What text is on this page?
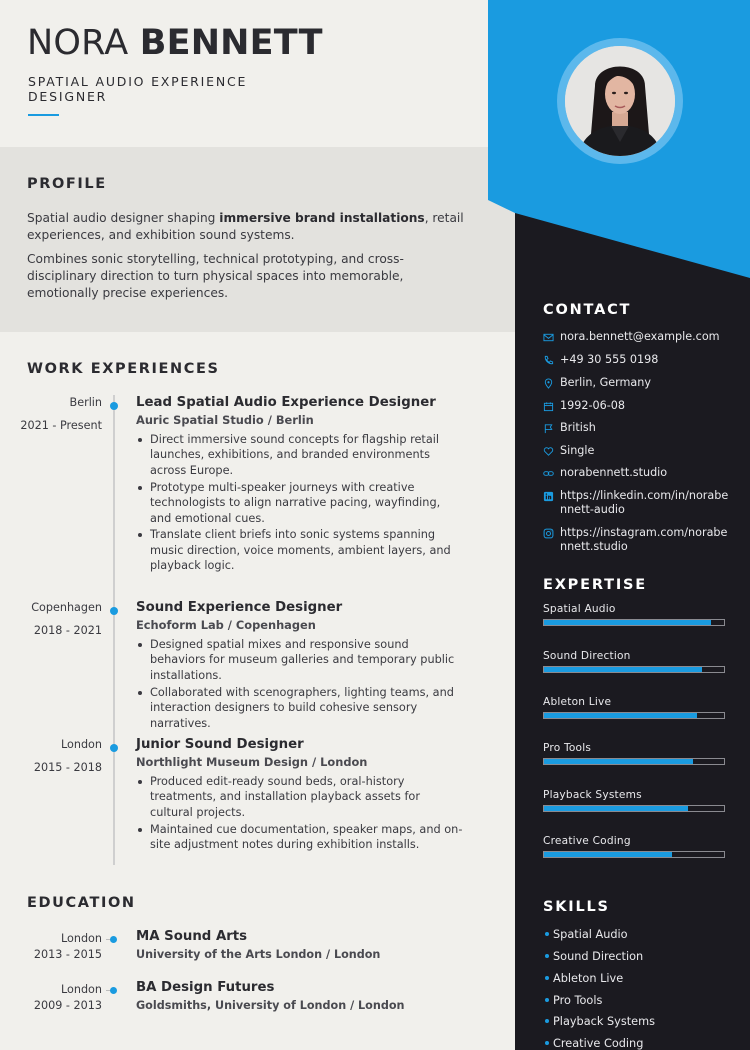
NORA BENNETT
SPATIAL AUDIO EXPERIENCE DESIGNER
PROFILE

Spatial audio designer shaping immersive brand installations, retail experiences, and exhibition sound systems.

Combines sonic storytelling, technical prototyping, and cross-disciplinary direction to turn physical spaces into memorable, emotionally precise experiences.

WORK EXPERIENCES
Berlin
2021 - Present
Lead Spatial Audio Experience Designer
Auric Spatial Studio / Berlin
Direct immersive sound concepts for flagship retail launches, exhibitions, and branded environments across Europe.
Prototype multi-speaker journeys with creative technologists to align narrative pacing, wayfinding, and emotional cues.
Translate client briefs into sonic systems spanning music direction, voice moments, ambient layers, and playback logic.
Copenhagen
2018 - 2021
Sound Experience Designer
Echoform Lab / Copenhagen
Designed spatial mixes and responsive sound behaviors for museum galleries and temporary public installations.
Collaborated with scenographers, lighting teams, and interaction designers to build cohesive sensory narratives.
London
2015 - 2018
Junior Sound Designer
Northlight Museum Design / London
Produced edit-ready sound beds, oral-history treatments, and installation playback assets for cultural projects.
Maintained cue documentation, speaker maps, and on-site adjustment notes during exhibition installs.
EDUCATION
London
2013 - 2015
MA Sound Arts
University of the Arts London / London
London
2009 - 2013
BA Design Futures
Goldsmiths, University of London / London
CONTACT
nora.bennett@example.com
+49 30 555 0198
Berlin, Germany
1992-06-08
British
Single
norabennett.studio
https://linkedin.com/in/norabennett-audio
https://instagram.com/norabennett.studio
EXPERTISE
Spatial Audio
Sound Direction
Ableton Live
Pro Tools
Playback Systems
Creative Coding
SKILLS
Spatial Audio
Sound Direction
Ableton Live
Pro Tools
Playback Systems
Creative Coding
